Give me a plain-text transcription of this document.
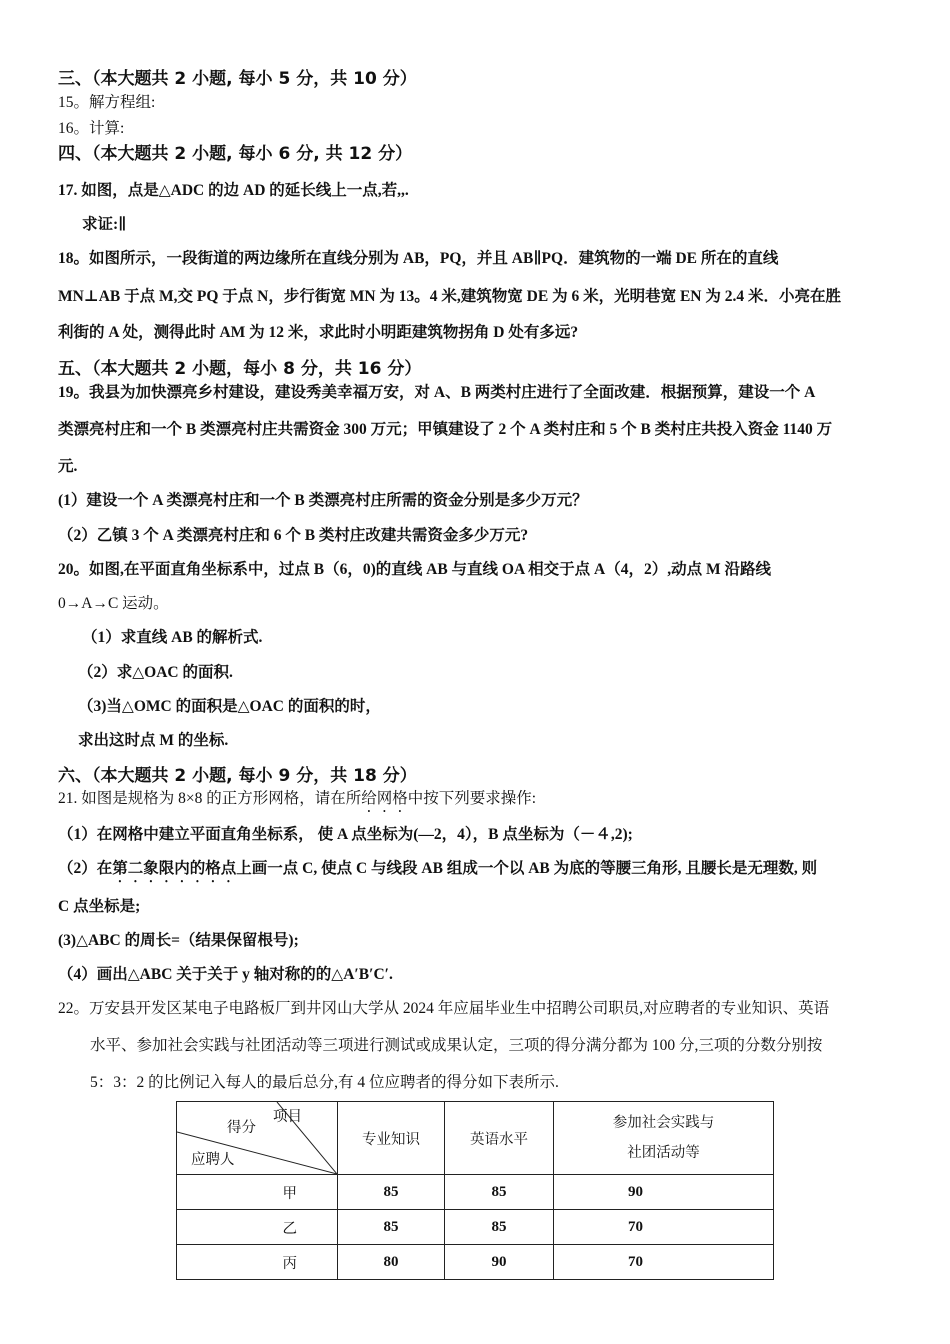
三、（本大题共 2 小题, 每小 5 分，共 10 分）
15。解方程组:
16。计算:
四、（本大题共 2 小题, 每小 6 分, 共 12 分）
17. 如图，点是△ADC 的边 AD 的延长线上一点,若,,.
求证:∥
18。如图所示，一段街道的两边缘所在直线分别为 AB，PQ，并且 AB∥PQ．建筑物的一端 DE 所在的直线
MN⊥AB 于点 M,交 PQ 于点 N，步行街宽 MN 为 13。4 米,建筑物宽 DE 为 6 米，光明巷宽 EN 为 2.4 米．小亮在胜
利街的 A 处，测得此时 AM 为 12 米，求此时小明距建筑物拐角 D 处有多远?
五、（本大题共 2 小题，每小 8 分，共 16 分）
19。我县为加快漂亮乡村建设，建设秀美幸福万安，对 A、B 两类村庄进行了全面改建．根据预算，建设一个 A
类漂亮村庄和一个 B 类漂亮村庄共需资金 300 万元；甲镇建设了 2 个 A 类村庄和 5 个 B 类村庄共投入资金 1140 万
元.
(1）建设一个 A 类漂亮村庄和一个 B 类漂亮村庄所需的资金分别是多少万元？
（2）乙镇 3 个 A 类漂亮村庄和 6 个 B 类村庄改建共需资金多少万元?
20。如图,在平面直角坐标系中，过点 B（6，0)的直线 AB 与直线 OA 相交于点 A（4，2）,动点 M 沿路线
0→A→C 运动。
（1）求直线 AB 的解析式.
（2）求△OAC 的面积.
（3)当△OMC 的面积是△OAC 的面积的时，
求出这时点 M 的坐标.
六、（本大题共 2 小题, 每小 9 分，共 18 分）
21. 如图是规格为 8×8 的正方形网格，请在所给网格中按下列要求操作:
（1）在网格中建立平面直角坐标系， 使 A 点坐标为(—2，4），B 点坐标为（－４,2);
（2）在第二象限内的格点上画一点 C, 使点 C 与线段 AB 组成一个以 AB 为底的等腰三角形, 且腰长是无理数, 则
C 点坐标是;
(3)△ABC 的周长=（结果保留根号);
（4）画出△ABC 关于关于 y 轴对称的的△A′B′C′.
22。万安县开发区某电子电路板厂到井冈山大学从 2024 年应届毕业生中招聘公司职员,对应聘者的专业知识、英语
水平、参加社会实践与社团活动等三项进行测试或成果认定，三项的得分满分都为 100 分,三项的分数分别按
5：3：2 的比例记入每人的最后总分,有 4 位应聘者的得分如下表所示.
项目
得分
应聘人	专业知识	英语水平	参加社会实践与
社团活动等
甲	85	85	90
乙	85	85	70
丙	80	90	70
